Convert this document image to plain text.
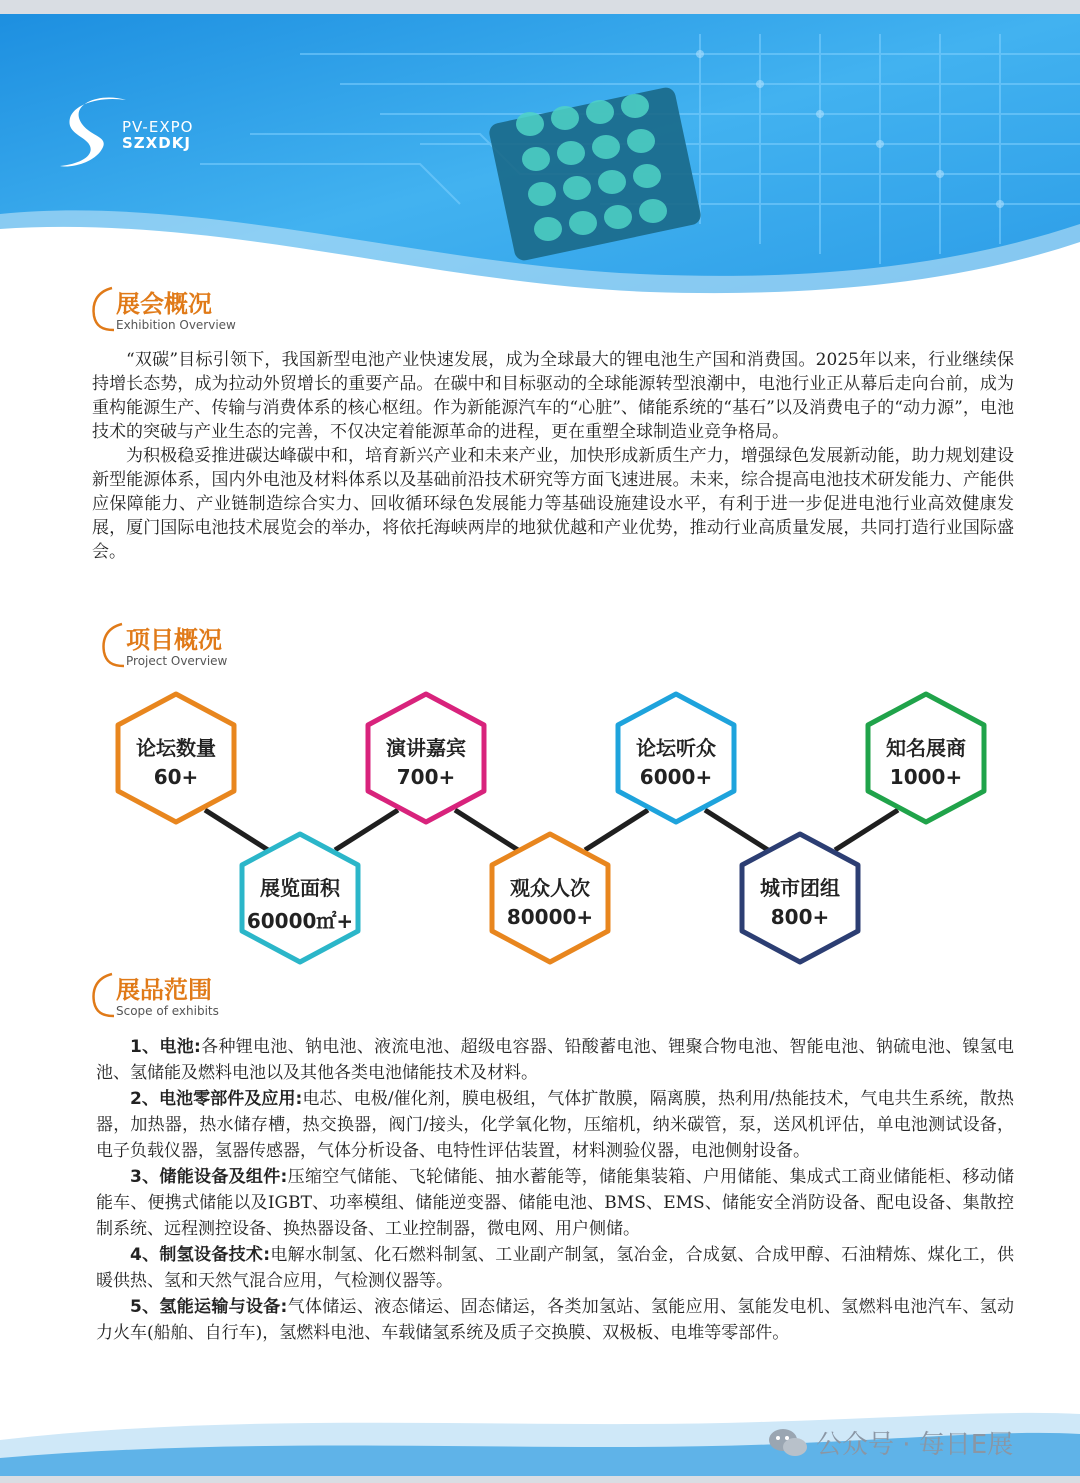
PV-EXPO
SZXDKJ
展会概况
Exhibition Overview

“双碳”目标引领下，我国新型电池产业快速发展，成为全球最大的锂电池生产国和消费国。2025年以来，行业继续保持增长态势，成为拉动外贸增长的重要产品。在碳中和目标驱动的全球能源转型浪潮中，电池行业正从幕后走向台前，成为重构能源生产、传输与消费体系的核心枢纽。作为新能源汽车的“心脏”、储能系统的“基石”以及消费电子的“动力源”，电池技术的突破与产业生态的完善，不仅决定着能源革命的进程，更在重塑全球制造业竞争格局。

为积极稳妥推进碳达峰碳中和，培育新兴产业和未来产业，加快形成新质生产力，增强绿色发展新动能，助力规划建设新型能源体系，国内外电池及材料体系以及基础前沿技术研究等方面飞速进展。未来，综合提高电池技术研发能力、产能供应保障能力、产业链制造综合实力、回收循环绿色发展能力等基础设施建设水平，有利于进一步促进电池行业高效健康发展，厦门国际电池技术展览会的举办，将依托海峡两岸的地狱优越和产业优势，推动行业高质量发展，共同打造行业国际盛会。

项目概况
Project Overview
论坛数量
60+
展览面积
60000㎡+
演讲嘉宾
700+
观众人次
80000+
论坛听众
6000+
城市团组
800+
知名展商
1000+
展品范围
Scope of exhibits

1、电池:各种锂电池、钠电池、液流电池、超级电容器、铅酸蓄电池、锂聚合物电池、智能电池、钠硫电池、镍氢电池、氢储能及燃料电池以及其他各类电池储能技术及材料。

2、电池零部件及应用:电芯、电极/催化剂，膜电极组，气体扩散膜，隔离膜，热利用/热能技术，气电共生系统，散热器，加热器，热水储存槽，热交换器，阀门/接头，化学氧化物，压缩机，纳米碳管，泵，送风机评估，单电池测试设备，电子负载仪器，氢器传感器，气体分析设备、电特性评估装置，材料测验仪器，电池侧射设备。

3、储能设备及组件:压缩空气储能、飞轮储能、抽水蓄能等，储能集装箱、户用储能、集成式工商业储能柜、移动储能车、便携式储能以及IGBT、功率模组、储能逆变器、储能电池、BMS、EMS、储能安全消防设备、配电设备、集散控制系统、远程测控设备、换热器设备、工业控制器，微电网、用户侧储。

4、制氢设备技术:电解水制氢、化石燃料制氢、工业副产制氢，氢冶金，合成氨、合成甲醇、石油精炼、煤化工，供暖供热、氢和天然气混合应用，气检测仪器等。

5、氢能运输与设备:气体储运、液态储运、固态储运，各类加氢站、氢能应用、氢能发电机、氢燃料电池汽车、氢动力火车(船舶、自行车)，氢燃料电池、车载储氢系统及质子交换膜、双极板、电堆等零部件。

公众号 · 每日E展
